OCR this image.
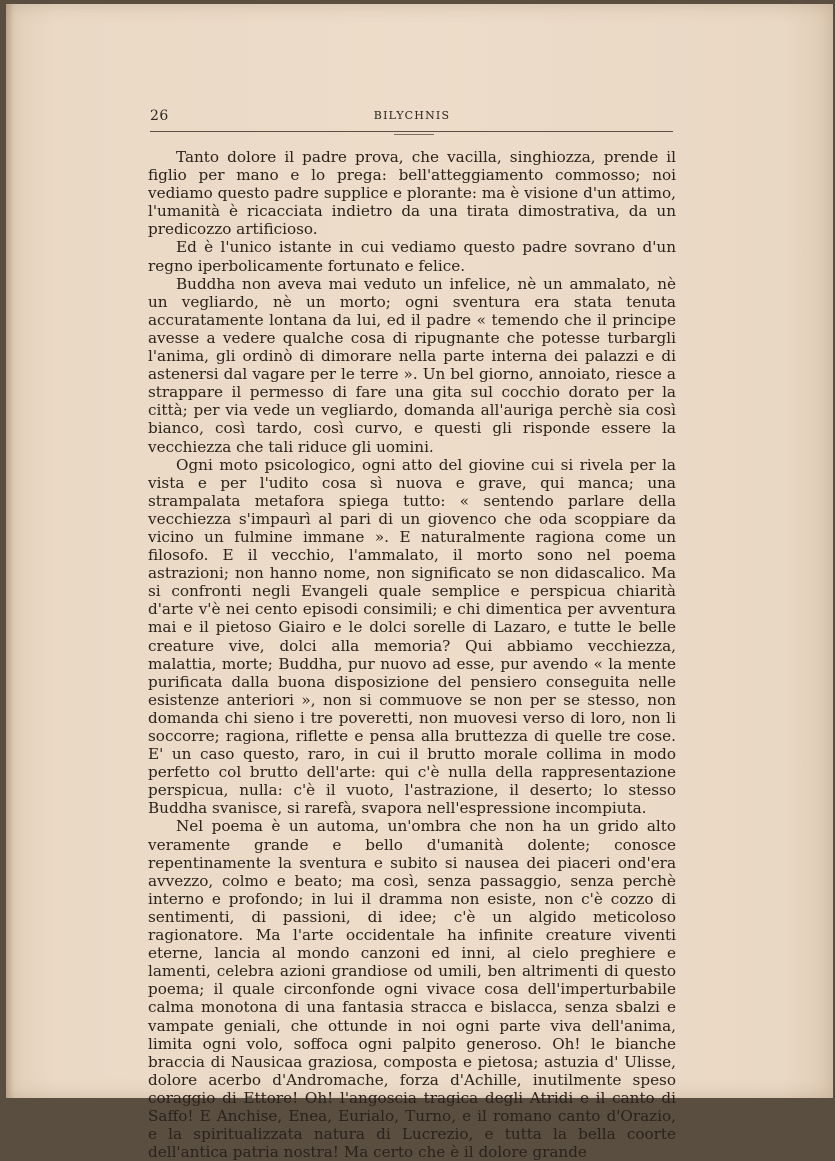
26	BILYCHNIS

Tanto dolore il padre prova, che vacilla, singhiozza, prende il figlio per mano e lo prega: bell'atteggiamento commosso; noi vediamo questo padre supplice e plorante: ma è visione d'un attimo, l'umanità è ricacciata indietro da una tirata dimostrativa, da un predicozzo artificioso.

Ed è l'unico istante in cui vediamo questo padre sovrano d'un regno iperbolicamente fortunato e felice.

Buddha non aveva mai veduto un infelice, nè un ammalato, nè un vegliardo, nè un morto; ogni sventura era stata tenuta accuratamente lontana da lui, ed il padre « temendo che il principe avesse a vedere qualche cosa di ripugnante che potesse turbargli l'anima, gli ordinò di dimorare nella parte interna dei palazzi e di astenersi dal vagare per le terre ». Un bel giorno, annoiato, riesce a strappare il permesso di fare una gita sul cocchio dorato per la città; per via vede un vegliardo, domanda all'auriga perchè sia così bianco, così tardo, così curvo, e questi gli risponde essere la vecchiezza che tali riduce gli uomini.

Ogni moto psicologico, ogni atto del giovine cui si rivela per la vista e per l'udito cosa sì nuova e grave, qui manca; una strampalata metafora spiega tutto: « sentendo parlare della vecchiezza s'impaurì al pari di un giovenco che oda scoppiare da vicino un fulmine immane ». E naturalmente ragiona come un filosofo. E il vecchio, l'ammalato, il morto sono nel poema astrazioni; non hanno nome, non significato se non didascalico. Ma si confronti negli Evangeli quale semplice e perspicua chiarità d'arte v'è nei cento episodi consimili; e chi dimentica per avventura mai e il pietoso Giairo e le dolci sorelle di Lazaro, e tutte le belle creature vive, dolci alla memoria? Qui abbiamo vecchiezza, malattia, morte; Buddha, pur nuovo ad esse, pur avendo « la mente purificata dalla buona disposizione del pensiero conseguita nelle esistenze anteriori », non si commuove se non per se stesso, non domanda chi sieno i tre poveretti, non muovesi verso di loro, non li soccorre; ragiona, riflette e pensa alla bruttezza di quelle tre cose. E' un caso questo, raro, in cui il brutto morale collima in modo perfetto col brutto dell'arte: qui c'è nulla della rappresentazione perspicua, nulla: c'è il vuoto, l'astrazione, il deserto; lo stesso Buddha svanisce, si rarefà, svapora nell'espressione incompiuta.

Nel poema è un automa, un'ombra che non ha un grido alto veramente grande e bello d'umanità dolente; conosce repentinamente la sventura e subito si nausea dei piaceri ond'era avvezzo, colmo e beato; ma così, senza passaggio, senza perchè interno e profondo; in lui il dramma non esiste, non c'è cozzo di sentimenti, di passioni, di idee; c'è un algido meticoloso ragionatore. Ma l'arte occidentale ha infinite creature viventi eterne, lancia al mondo canzoni ed inni, al cielo preghiere e lamenti, celebra azioni grandiose od umili, ben altrimenti di questo poema; il quale circonfonde ogni vivace cosa dell'imperturbabile calma monotona di una fantasia stracca e bislacca, senza sbalzi e vampate geniali, che ottunde in noi ogni parte viva dell'anima, limita ogni volo, soffoca ogni palpito generoso. Oh! le bianche braccia di Nausicaa graziosa, composta e pietosa; astuzia d' Ulisse, dolore acerbo d'Andromache, forza d'Achille, inutilmente speso coraggio di Ettore! Oh! l'angoscia tragica degli Atridi e il canto di Saffo! E Anchise, Enea, Eurialo, Turno, e il romano canto d'Orazio, e la spiritualizzata natura di Lucrezio, e tutta la bella coorte dell'antica patria nostra! Ma certo che è il dolore grande
